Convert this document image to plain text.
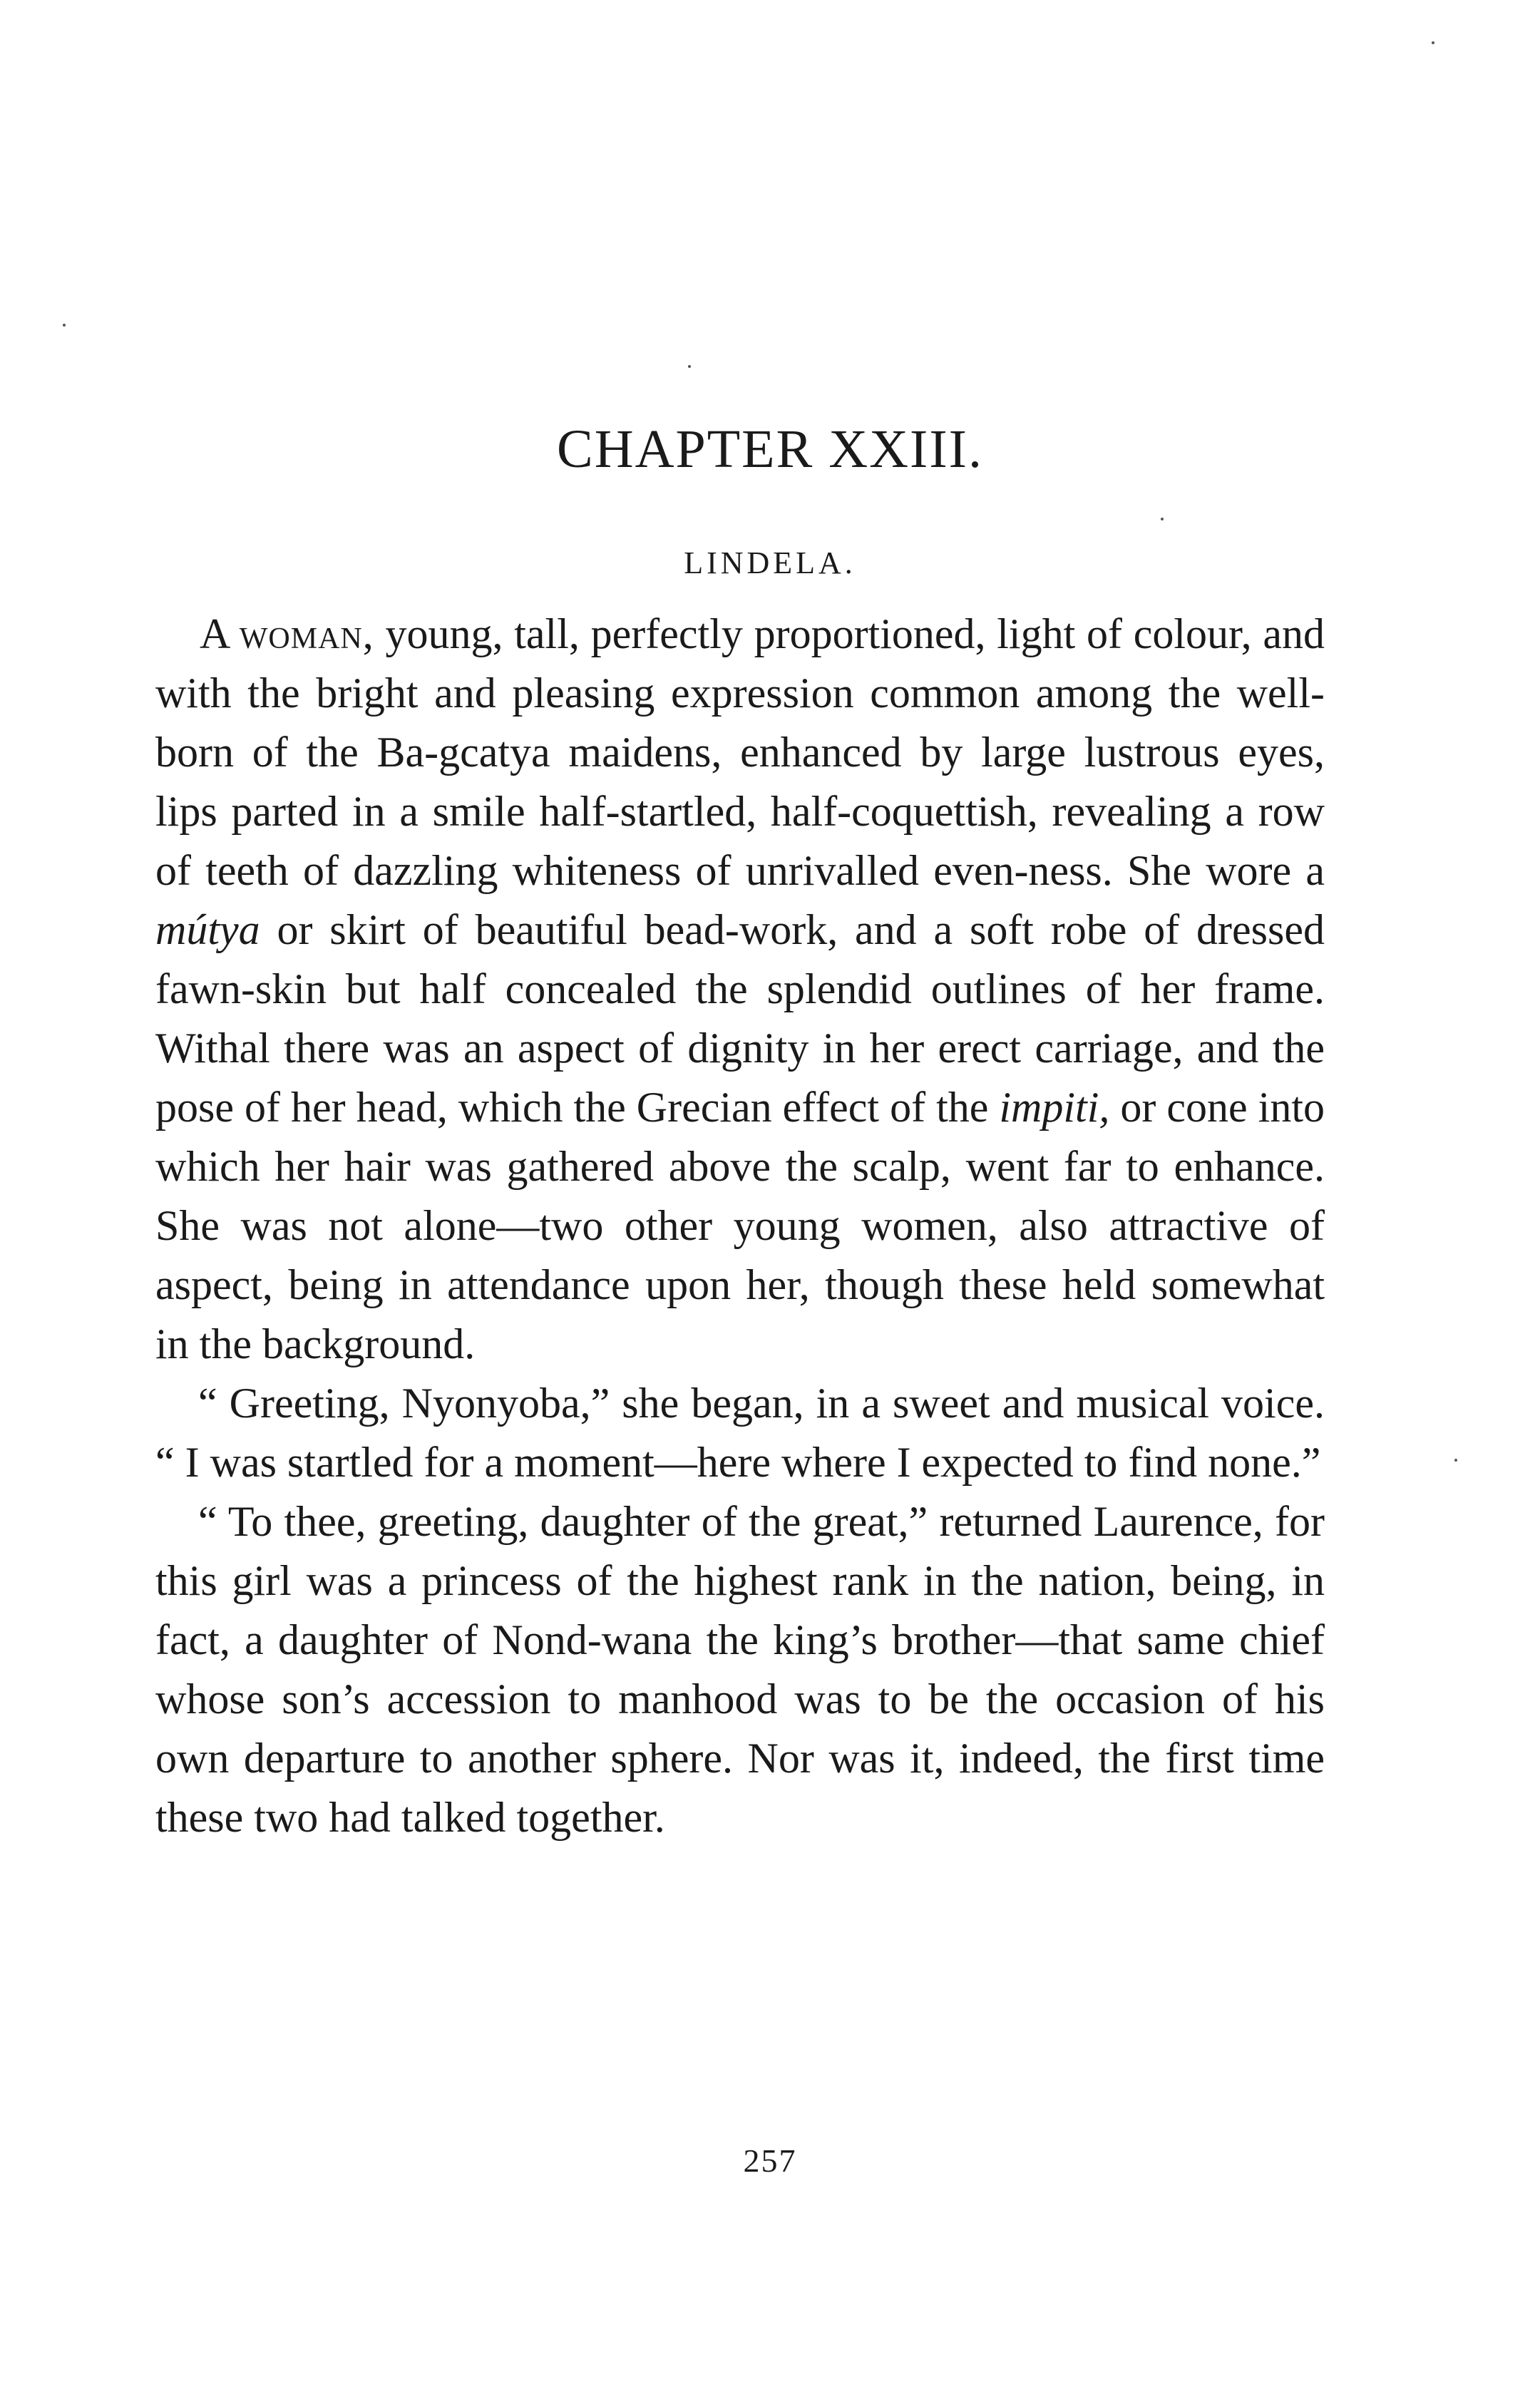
CHAPTER XXIII.
LINDELA.

A woman, young, tall, perfectly proportioned, light of colour, and with the bright and pleasing expression common among the well-born of the Ba-gcatya maidens, enhanced by large lustrous eyes, lips parted in a smile half-startled, half-coquettish, revealing a row of teeth of dazzling whiteness of unrivalled even-ness. She wore a mútya or skirt of beautiful bead-work, and a soft robe of dressed fawn-skin but half concealed the splendid outlines of her frame. Withal there was an aspect of dignity in her erect carriage, and the pose of her head, which the Grecian effect of the impiti, or cone into which her hair was gathered above the scalp, went far to enhance. She was not alone—two other young women, also attractive of aspect, being in attendance upon her, though these held somewhat in the background.

“ Greeting, Nyonyoba,” she began, in a sweet and musical voice. “ I was startled for a moment—here where I expected to find none.”

“ To thee, greeting, daughter of the great,” returned Laurence, for this girl was a princess of the highest rank in the nation, being, in fact, a daughter of Nond-wana the king’s brother—that same chief whose son’s accession to manhood was to be the occasion of his own departure to another sphere. Nor was it, indeed, the first time these two had talked together.

257
